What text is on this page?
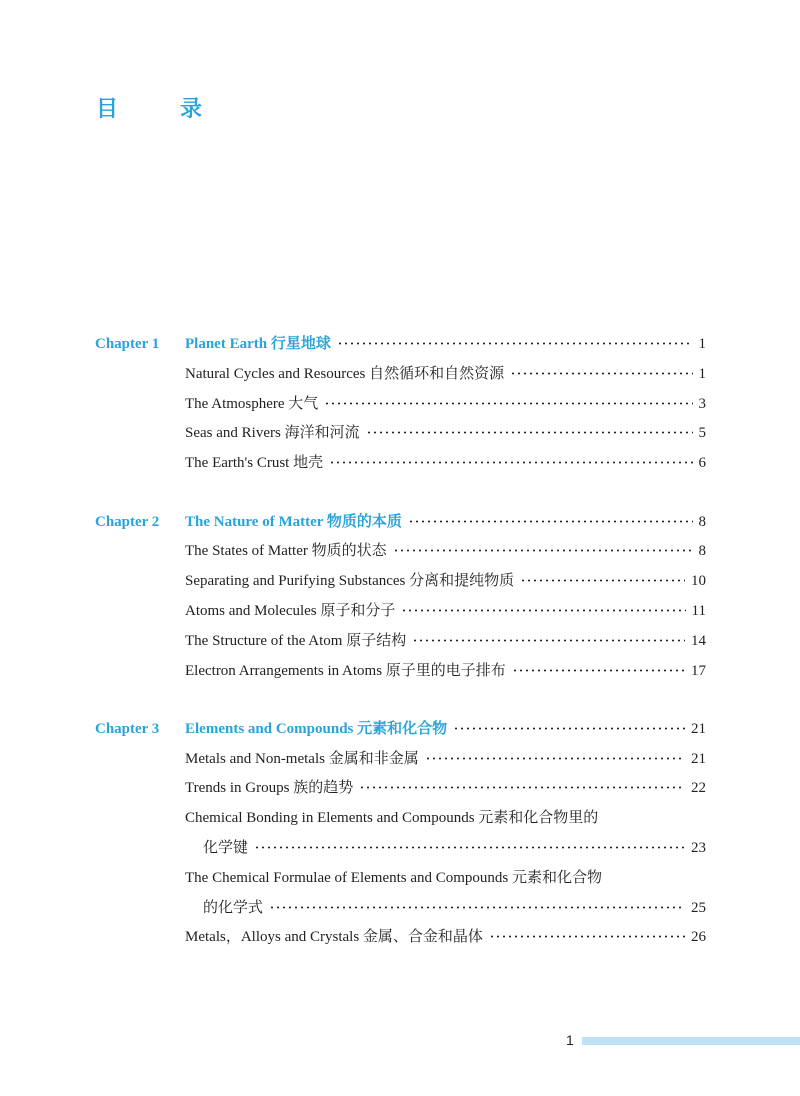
目　录
Chapter 1 Planet Earth 行星地球	1
Natural Cycles and Resources 自然循环和自然资源	1
The Atmosphere 大气	3
Seas and Rivers 海洋和河流	5
The Earth's Crust 地壳	6
Chapter 2 The Nature of Matter 物质的本质	8
The States of Matter 物质的状态	8
Separating and Purifying Substances 分离和提纯物质	10
Atoms and Molecules 原子和分子	11
The Structure of the Atom 原子结构	14
Electron Arrangements in Atoms 原子里的电子排布	17
Chapter 3 Elements and Compounds 元素和化合物	21
Metals and Non-metals 金属和非金属	21
Trends in Groups 族的趋势	22
Chemical Bonding in Elements and Compounds 元素和化合物里的
化学键	23
The Chemical Formulae of Elements and Compounds 元素和化合物
的化学式	25
Metals，Alloys and Crystals 金属、合金和晶体	26
1
